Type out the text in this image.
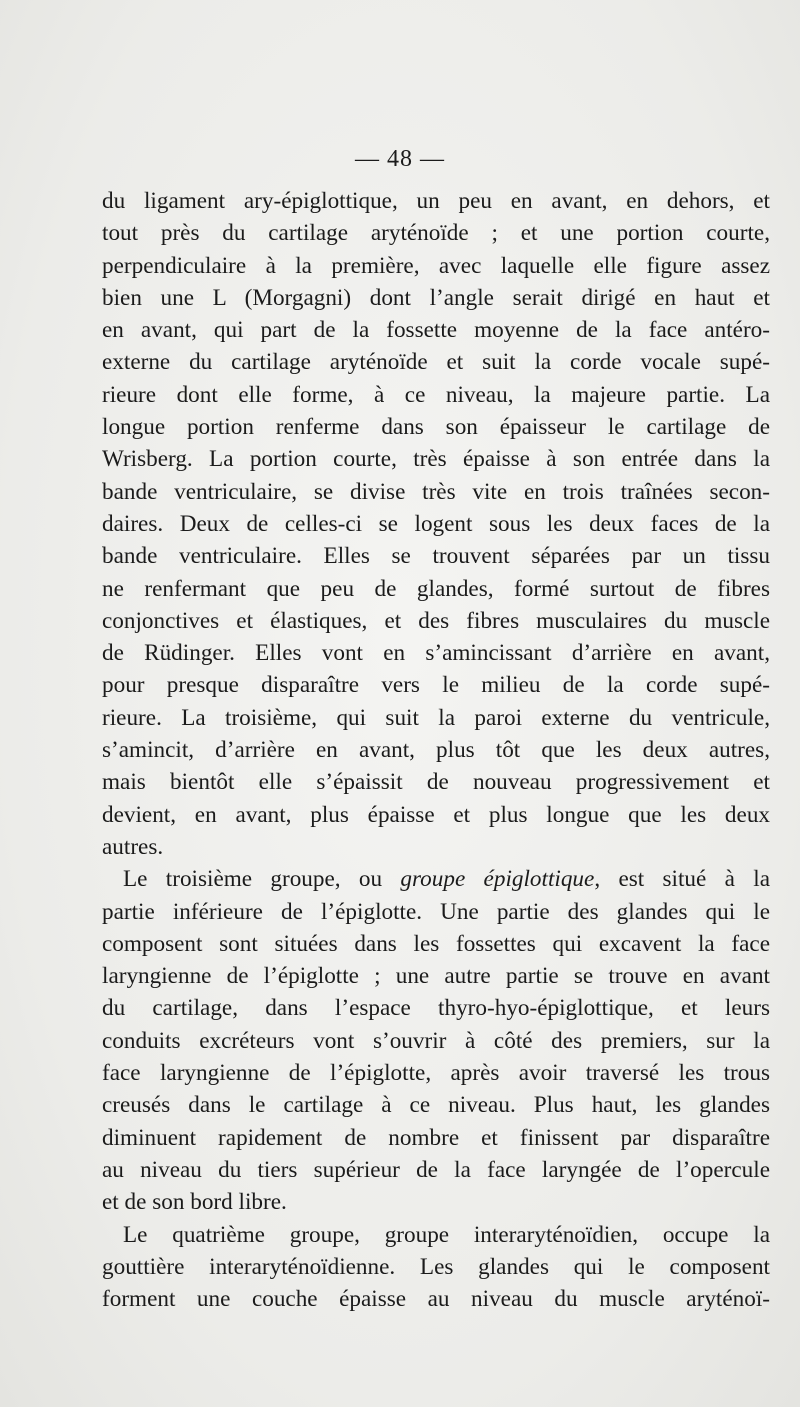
— 48 —
du ligament ary-épiglottique, un peu en avant, en dehors, et
tout près du cartilage aryténoïde ; et une portion courte,
perpendiculaire à la première, avec laquelle elle figure assez
bien une L (Morgagni) dont l’angle serait dirigé en haut et
en avant, qui part de la fossette moyenne de la face antéro-
externe du cartilage aryténoïde et suit la corde vocale supé-
rieure dont elle forme, à ce niveau, la majeure partie. La
longue portion renferme dans son épaisseur le cartilage de
Wrisberg. La portion courte, très épaisse à son entrée dans la
bande ventriculaire, se divise très vite en trois traînées secon-
daires. Deux de celles-ci se logent sous les deux faces de la
bande ventriculaire. Elles se trouvent séparées par un tissu
ne renfermant que peu de glandes, formé surtout de fibres
conjonctives et élastiques, et des fibres musculaires du muscle
de Rüdinger. Elles vont en s’amincissant d’arrière en avant,
pour presque disparaître vers le milieu de la corde supé-
rieure. La troisième, qui suit la paroi externe du ventricule,
s’amincit, d’arrière en avant, plus tôt que les deux autres,
mais bientôt elle s’épaissit de nouveau progressivement et
devient, en avant, plus épaisse et plus longue que les deux
autres.
Le troisième groupe, ou groupe épiglottique, est situé à la
partie inférieure de l’épiglotte. Une partie des glandes qui le
composent sont situées dans les fossettes qui excavent la face
laryngienne de l’épiglotte ; une autre partie se trouve en avant
du cartilage, dans l’espace thyro-hyo-épiglottique, et leurs
conduits excréteurs vont s’ouvrir à côté des premiers, sur la
face laryngienne de l’épiglotte, après avoir traversé les trous
creusés dans le cartilage à ce niveau. Plus haut, les glandes
diminuent rapidement de nombre et finissent par disparaître
au niveau du tiers supérieur de la face laryngée de l’opercule
et de son bord libre.
Le quatrième groupe, groupe interaryténoïdien, occupe la
gouttière interaryténoïdienne. Les glandes qui le composent
forment une couche épaisse au niveau du muscle aryténoï-
